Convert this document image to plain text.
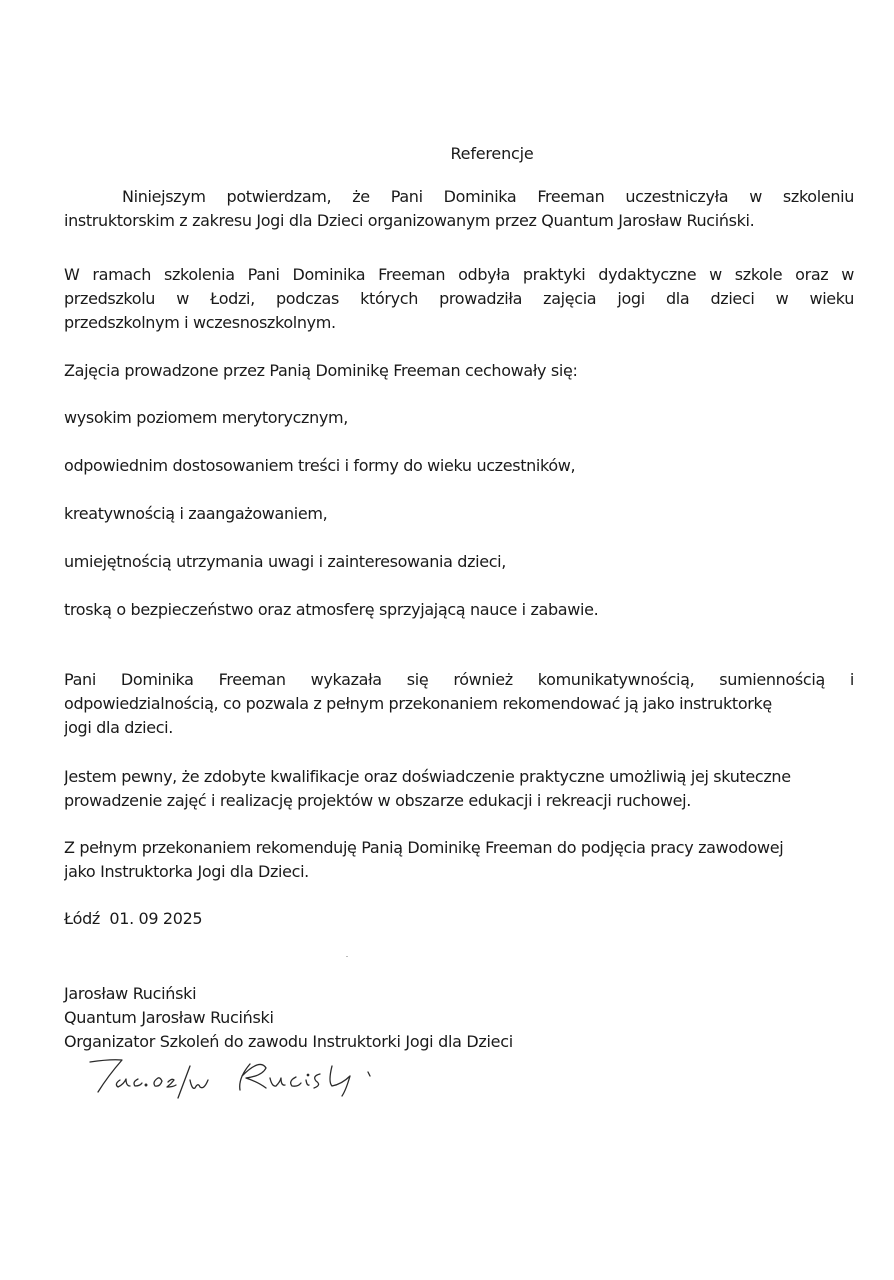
Referencje
Niniejszym potwierdzam, że Pani Dominika Freeman uczestniczyła w szkoleniu
instruktorskim z zakresu Jogi dla Dzieci organizowanym przez Quantum Jarosław Ruciński.
W ramach szkolenia Pani Dominika Freeman odbyła praktyki dydaktyczne w szkole oraz w
przedszkolu w Łodzi, podczas których prowadziła zajęcia jogi dla dzieci w wieku
przedszkolnym i wczesnoszkolnym.
Zajęcia prowadzone przez Panią Dominikę Freeman cechowały się:
wysokim poziomem merytorycznym,
odpowiednim dostosowaniem treści i formy do wieku uczestników,
kreatywnością i zaangażowaniem,
umiejętnością utrzymania uwagi i zainteresowania dzieci,
troską o bezpieczeństwo oraz atmosferę sprzyjającą nauce i zabawie.
Pani Dominika Freeman wykazała się również komunikatywnością, sumiennością i
odpowiedzialnością, co pozwala z pełnym przekonaniem rekomendować ją jako instruktorkę
jogi dla dzieci.
Jestem pewny, że zdobyte kwalifikacje oraz doświadczenie praktyczne umożliwią jej skuteczne
prowadzenie zajęć i realizację projektów w obszarze edukacji i rekreacji ruchowej.
Z pełnym przekonaniem rekomenduję Panią Dominikę Freeman do podjęcia pracy zawodowej
jako Instruktorka Jogi dla Dzieci.
Łódź  01. 09 2025
Jarosław Ruciński
Quantum Jarosław Ruciński
Organizator Szkoleń do zawodu Instruktorki Jogi dla Dzieci
